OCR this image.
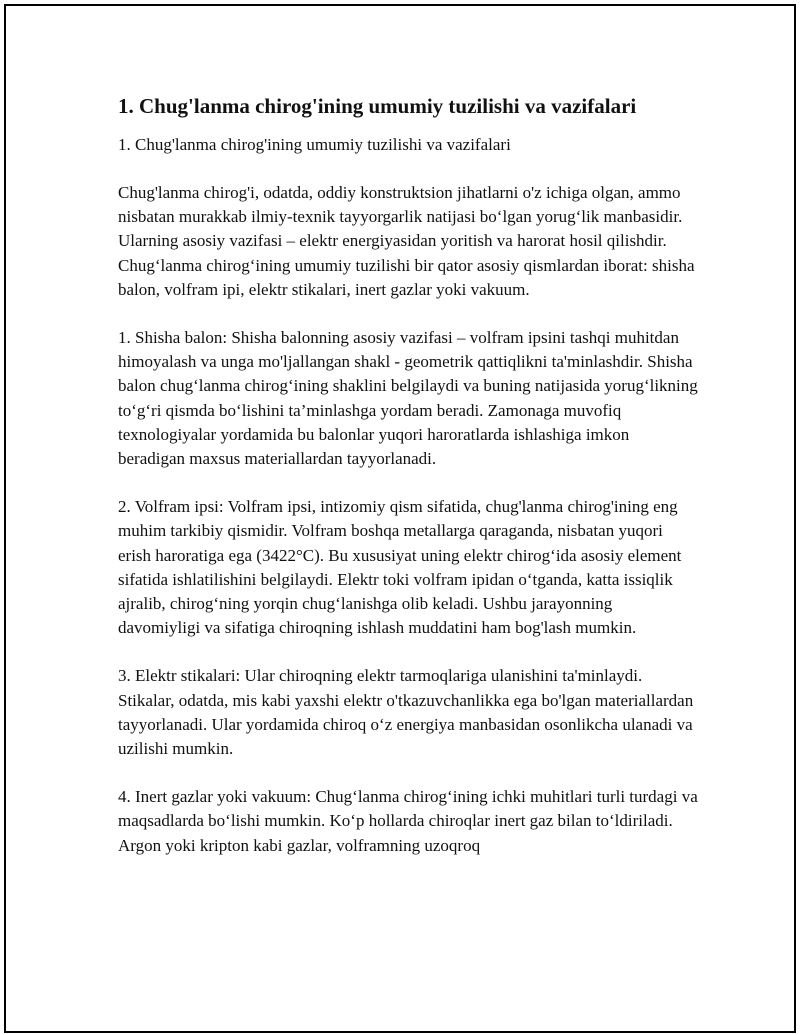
1. Chug'lanma chirog'ining umumiy tuzilishi va vazifalari
1. Chug'lanma chirog'ining umumiy tuzilishi va vazifalari
Chug'lanma chirog'i, odatda, oddiy konstruktsion jihatlarni o'z ichiga olgan, ammo nisbatan murakkab ilmiy-texnik tayyorgarlik natijasi bo‘lgan yorug‘lik manbasidir. Ularning asosiy vazifasi – elektr energiyasidan yoritish va harorat hosil qilishdir. Chug‘lanma chirog‘ining umumiy tuzilishi bir qator asosiy qismlardan iborat: shisha balon, volfram ipi, elektr stikalari, inert gazlar yoki vakuum.
1. Shisha balon: Shisha balonning asosiy vazifasi – volfram ipsini tashqi muhitdan himoyalash va unga mo'ljallangan shakl - geometrik qattiqlikni ta'minlashdir. Shisha balon chug‘lanma chirog‘ining shaklini belgilaydi va buning natijasida yorug‘likning to‘g‘ri qismda bo‘lishini ta’minlashga yordam beradi. Zamonaga muvofiq texnologiyalar yordamida bu balonlar yuqori haroratlarda ishlashiga imkon beradigan maxsus materiallardan tayyorlanadi.
2. Volfram ipsi: Volfram ipsi, intizomiy qism sifatida, chug'lanma chirog'ining eng muhim tarkibiy qismidir. Volfram boshqa metallarga qaraganda, nisbatan yuqori erish haroratiga ega (3422°C). Bu xususiyat uning elektr chirog‘ida asosiy element sifatida ishlatilishini belgilaydi. Elektr toki volfram ipidan o‘tganda, katta issiqlik ajralib, chirog‘ning yorqin chug‘lanishga olib keladi. Ushbu jarayonning davomiyligi va sifatiga chiroqning ishlash muddatini ham bog'lash mumkin.
3. Elektr stikalari: Ular chiroqning elektr tarmoqlariga ulanishini ta'minlaydi. Stikalar, odatda, mis kabi yaxshi elektr o'tkazuvchanlikka ega bo'lgan materiallardan tayyorlanadi. Ular yordamida chiroq o‘z energiya manbasidan osonlikcha ulanadi va uzilishi mumkin.
4. Inert gazlar yoki vakuum: Chug‘lanma chirog‘ining ichki muhitlari turli turdagi va maqsadlarda bo‘lishi mumkin. Ko‘p hollarda chiroqlar inert gaz bilan to‘ldiriladi. Argon yoki kripton kabi gazlar, volframning uzoqroq
